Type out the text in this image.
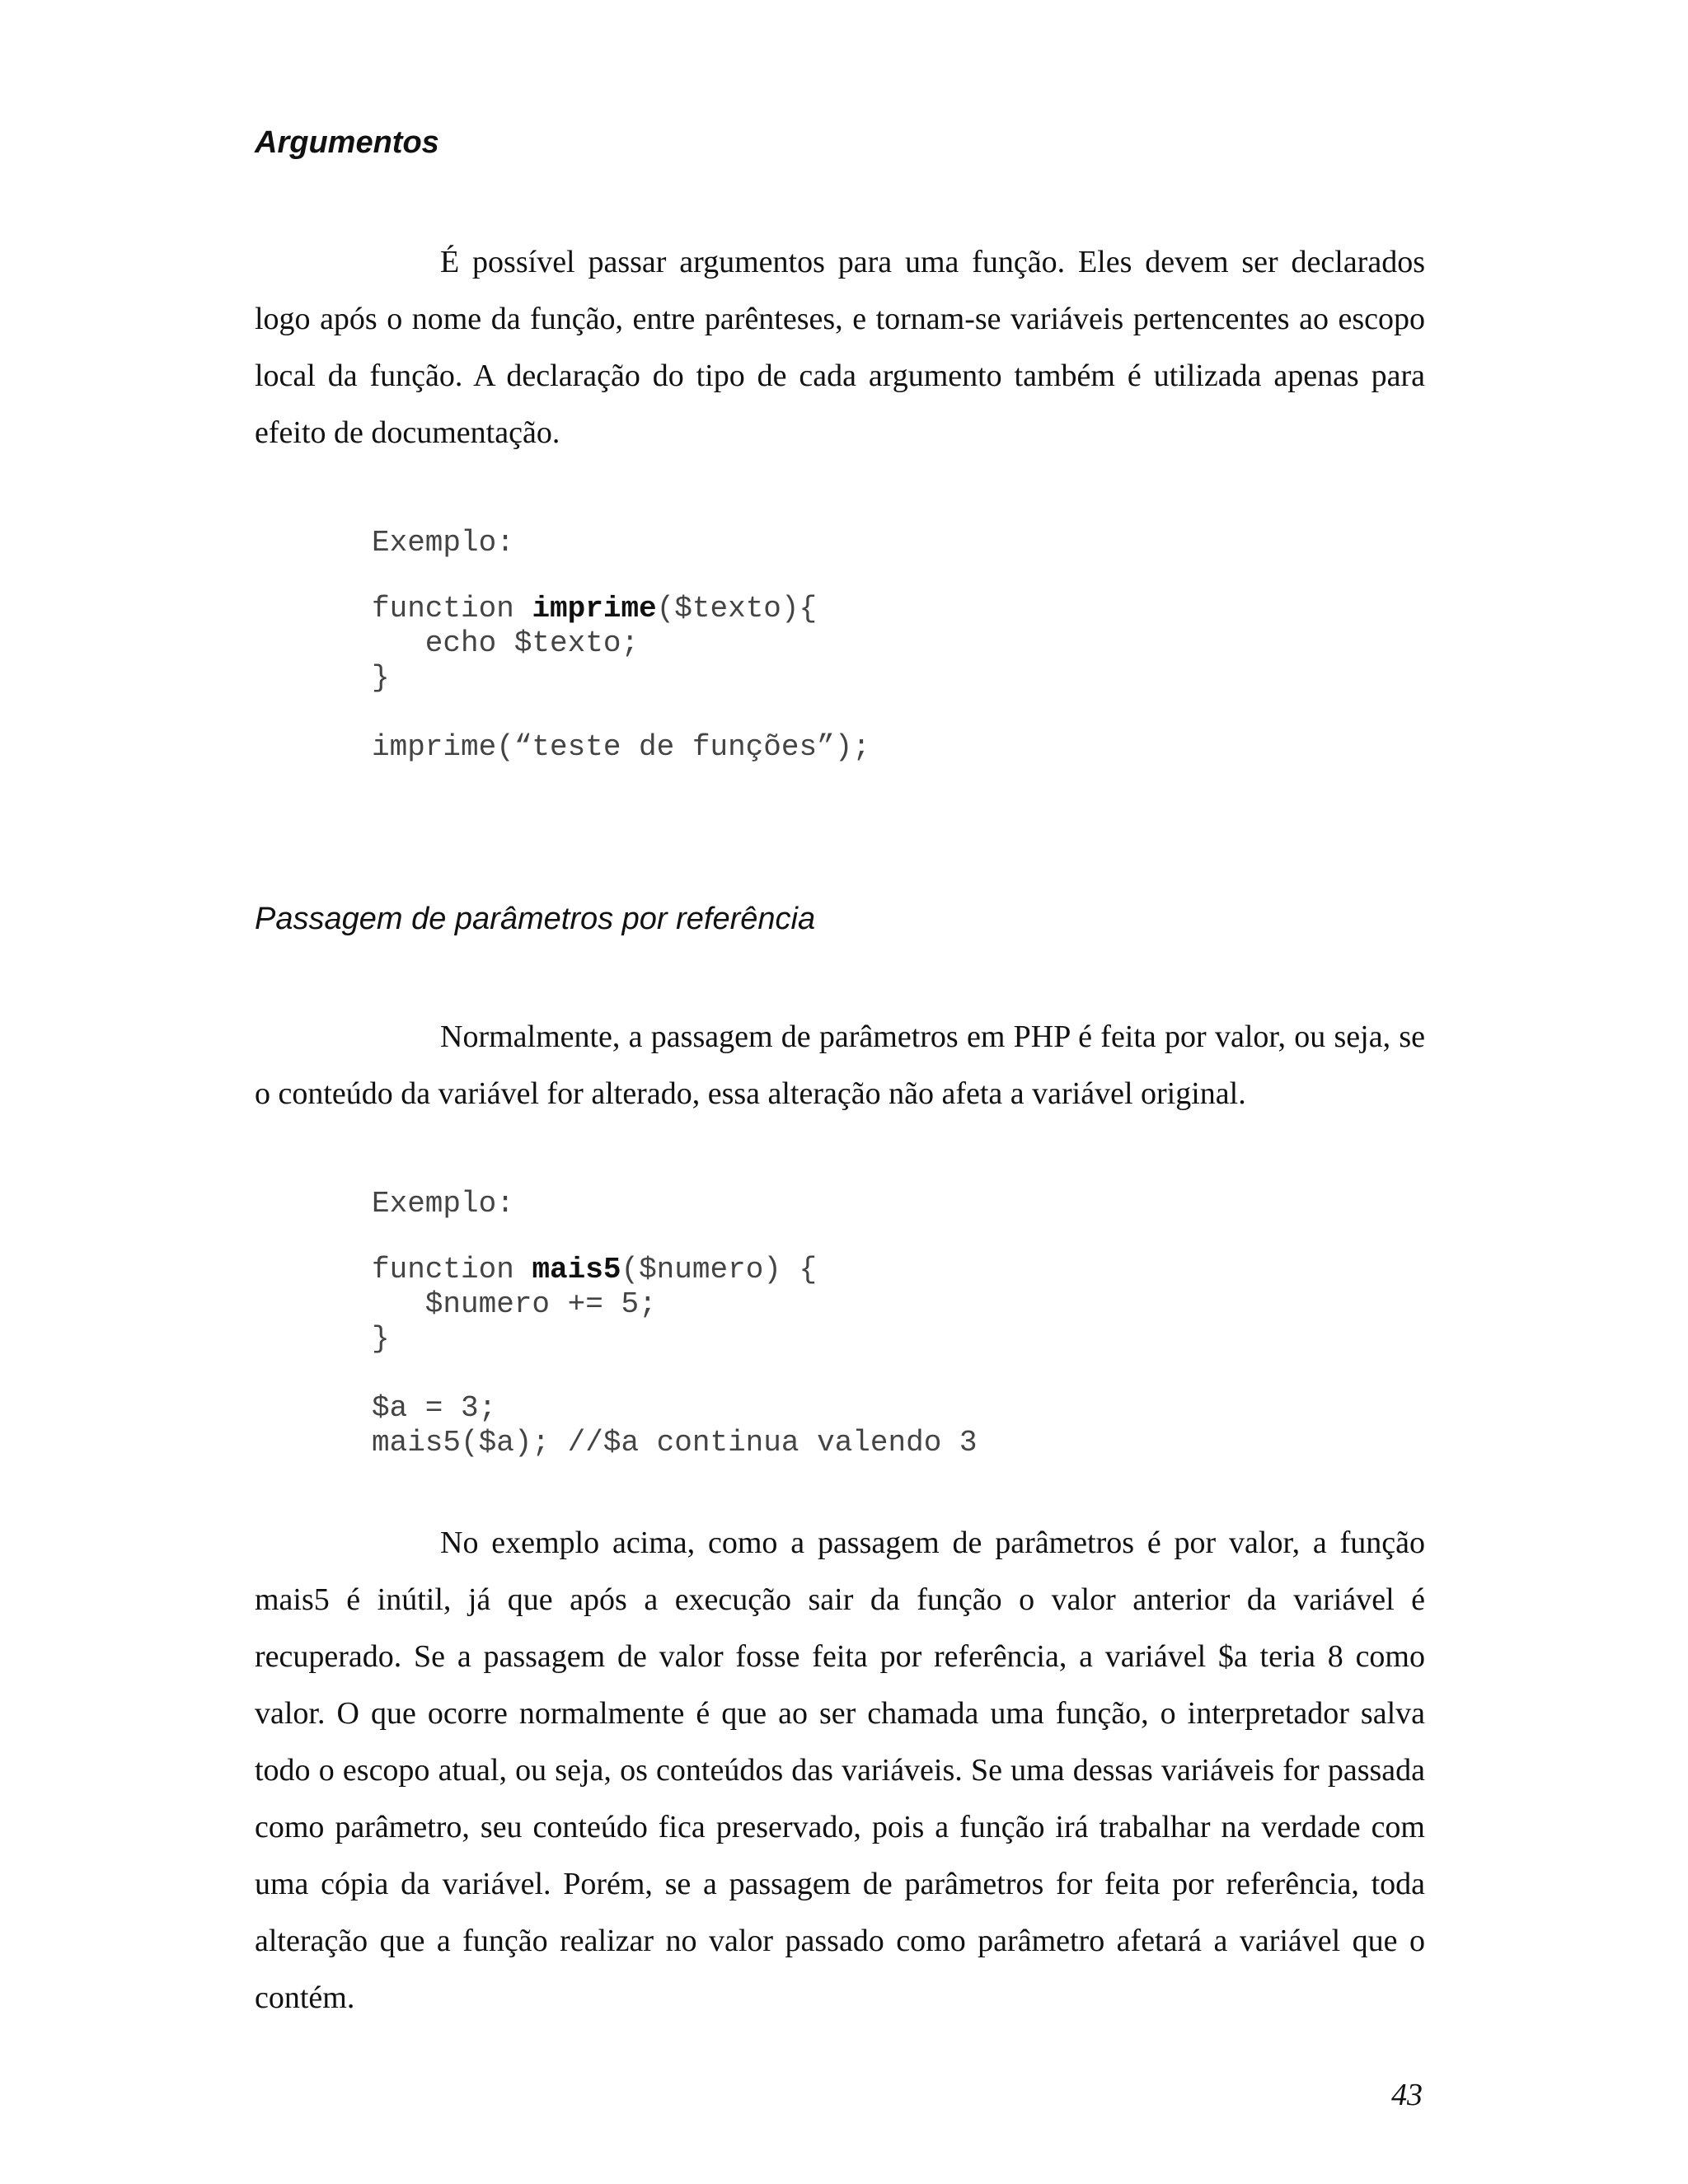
Argumentos

É possível passar argumentos para uma função. Eles devem ser declarados logo após o nome da função, entre parênteses, e tornam-se variáveis pertencentes ao escopo local da função. A declaração do tipo de cada argumento também é utilizada apenas para efeito de documentação.

Exemplo:
function imprime($texto){
echo $texto;
}
imprime(“teste de funções”);
Passagem de parâmetros por referência

Normalmente, a passagem de parâmetros em PHP é feita por valor, ou seja, se o conteúdo da variável for alterado, essa alteração não afeta a variável original.

Exemplo:
function mais5($numero) {
$numero += 5;
}
$a = 3;
mais5($a); //$a continua valendo 3

No exemplo acima, como a passagem de parâmetros é por valor, a função mais5 é inútil, já que após a execução sair da função o valor anterior da variável é recuperado. Se a passagem de valor fosse feita por referência, a variável $a teria 8 como valor. O que ocorre normalmente é que ao ser chamada uma função, o interpretador salva todo o escopo atual, ou seja, os conteúdos das variáveis. Se uma dessas variáveis for passada como parâmetro, seu conteúdo fica preservado, pois a função irá trabalhar na verdade com uma cópia da variável. Porém, se a passagem de parâmetros for feita por referência, toda alteração que a função realizar no valor passado como parâmetro afetará a variável que o contém.

43
